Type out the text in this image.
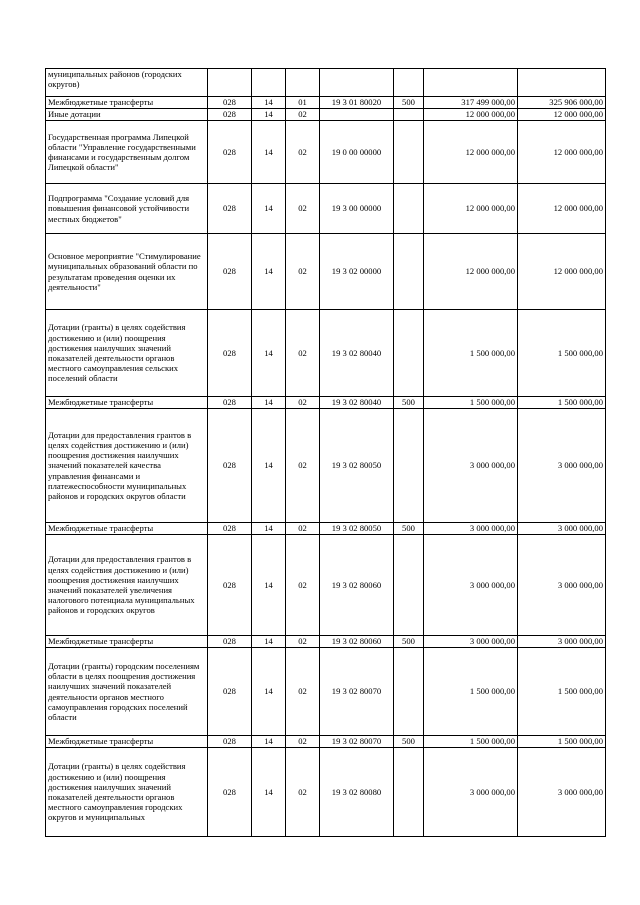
муниципальных районов (городских округов)							
Межбюджетные трансферты	028	14	01	19 3 01 80020	500	317 499 000,00	325 906 000,00
Иные дотации	028	14	02			12 000 000,00	12 000 000,00
Государственная программа Липецкой области "Управление государственными финансами и государственным долгом Липецкой области"	028	14	02	19 0 00 00000		12 000 000,00	12 000 000,00
Подпрограмма "Создание условий для повышения финансовой устойчивости местных бюджетов"	028	14	02	19 3 00 00000		12 000 000,00	12 000 000,00
Основное мероприятие "Стимулирование муниципальных образований области по результатам проведения оценки их деятельности"	028	14	02	19 3 02 00000		12 000 000,00	12 000 000,00
Дотации (гранты) в целях содействия достижению и (или) поощрения достижения наилучших значений показателей деятельности органов местного самоуправления сельских поселений области	028	14	02	19 3 02 80040		1 500 000,00	1 500 000,00
Межбюджетные трансферты	028	14	02	19 3 02 80040	500	1 500 000,00	1 500 000,00
Дотации для предоставления грантов в целях содействия достижению и (или) поощрения достижения наилучших значений показателей качества управления финансами и платежеспособности муниципальных районов и городских округов области	028	14	02	19 3 02 80050		3 000 000,00	3 000 000,00
Межбюджетные трансферты	028	14	02	19 3 02 80050	500	3 000 000,00	3 000 000,00
Дотации для предоставления грантов в целях содействия достижению и (или) поощрения достижения наилучших значений показателей увеличения налогового потенциала муниципальных районов и городских округов	028	14	02	19 3 02 80060		3 000 000,00	3 000 000,00
Межбюджетные трансферты	028	14	02	19 3 02 80060	500	3 000 000,00	3 000 000,00
Дотации (гранты) городским поселениям области в целях поощрения достижения наилучших значений показателей деятельности органов местного самоуправления городских поселений области	028	14	02	19 3 02 80070		1 500 000,00	1 500 000,00
Межбюджетные трансферты	028	14	02	19 3 02 80070	500	1 500 000,00	1 500 000,00
Дотации (гранты) в целях содействия достижению и (или) поощрения достижения наилучших значений показателей деятельности органов местного самоуправления городских округов и муниципальных	028	14	02	19 3 02 80080		3 000 000,00	3 000 000,00
